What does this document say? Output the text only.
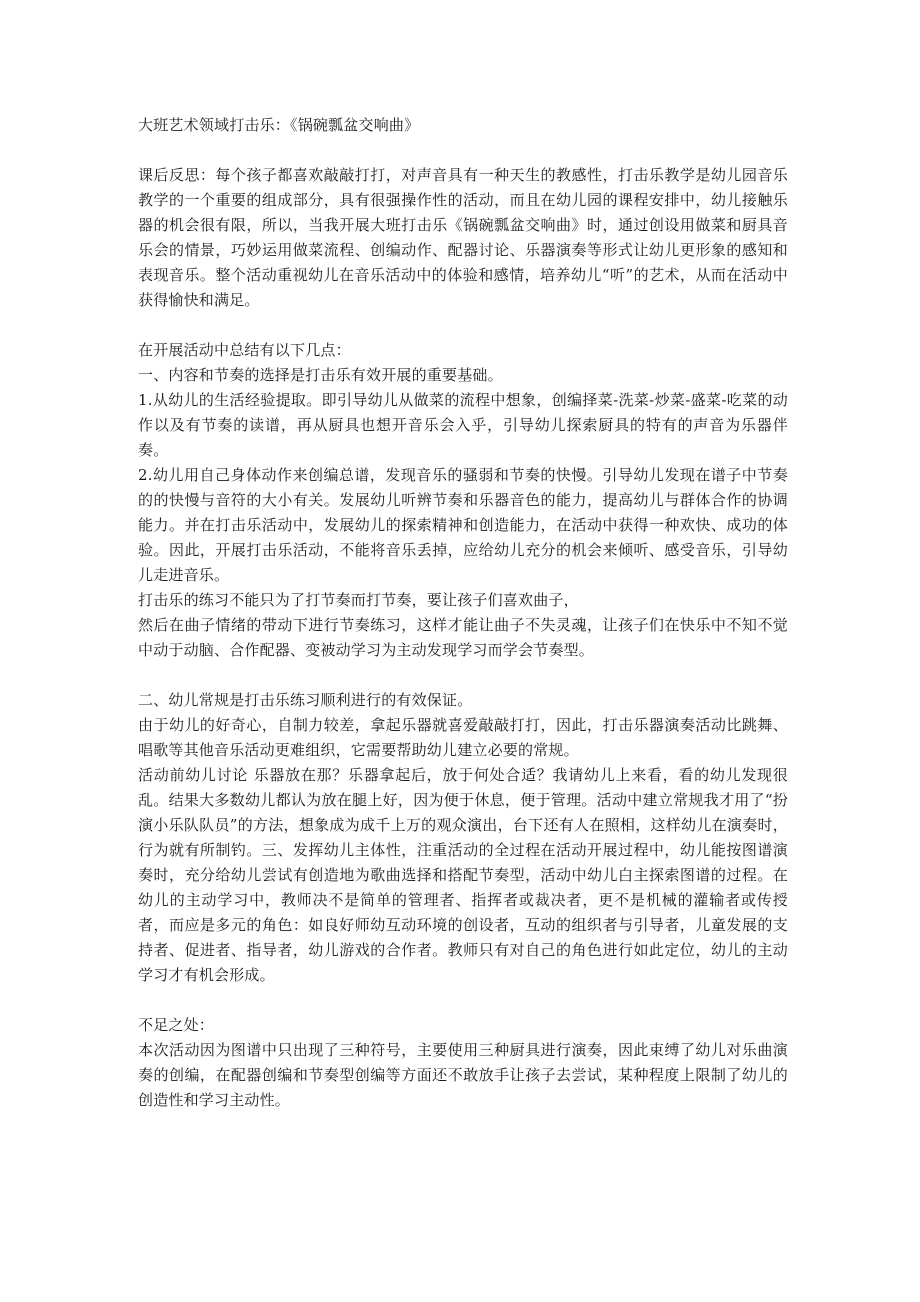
大班艺术领域打击乐：《锅碗瓢盆交响曲》
课后反思：每个孩子都喜欢敲敲打打，对声音具有一种天生的教感性，打击乐教学是幼儿园音乐教学的一个重要的组成部分，具有很强操作性的活动，而且在幼儿园的课程安排中，幼儿接触乐器的机会很有限，所以，当我开展大班打击乐《锅碗瓢盆交响曲》时，通过创设用做菜和厨具音乐会的情景，巧妙运用做菜流程、创编动作、配器讨论、乐器演奏等形式让幼儿更形象的感知和表现音乐。整个活动重视幼儿在音乐活动中的体验和感情，培养幼儿“听”的艺术，从而在活动中获得愉快和满足。
在开展活动中总结有以下几点：
一、内容和节奏的选择是打击乐有效开展的重要基础。
1.从幼儿的生活经验提取。即引导幼儿从做菜的流程中想象，创编择菜-洗菜-炒菜-盛菜-吃菜的动作以及有节奏的读谱，再从厨具也想开音乐会入乎，引导幼儿探索厨具的特有的声音为乐器伴奏。
2.幼儿用自己身体动作来创编总谱，发现音乐的骚弱和节奏的快慢。引导幼儿发现在谱子中节奏的的快慢与音符的大小有关。发展幼儿听辨节奏和乐器音色的能力，提高幼儿与群体合作的协调能力。并在打击乐活动中，发展幼儿的探索精神和创造能力，在活动中获得一种欢快、成功的体验。因此，开展打击乐活动，不能将音乐丢掉，应给幼儿充分的机会来倾听、感受音乐，引导幼儿走进音乐。
打击乐的练习不能只为了打节奏而打节奏，要让孩子们喜欢曲子，
然后在曲子情绪的带动下进行节奏练习，这样才能让曲子不失灵魂，让孩子们在快乐中不知不觉中动于动脑、合作配器、变被动学习为主动发现学习而学会节奏型。
二、幼儿常规是打击乐练习顺利进行的有效保证。
由于幼儿的好奇心，自制力较差，拿起乐器就喜爱敲敲打打，因此，打击乐器演奏活动比跳舞、唱歌等其他音乐活动更难组织，它需要帮助幼儿建立必要的常规。
活动前幼儿讨论 乐器放在那？乐器拿起后，放于何处合适？我请幼儿上来看，看的幼儿发现很乱。结果大多数幼儿都认为放在腿上好，因为便于休息，便于管理。活动中建立常规我才用了“扮演小乐队队员”的方法，想象成为成千上万的观众演出，台下还有人在照相，这样幼儿在演奏时，行为就有所制钓。三、发挥幼儿主体性，注重活动的全过程在活动开展过程中，幼儿能按图谱演奏时，充分给幼儿尝试有创造地为歌曲选择和搭配节奏型，活动中幼儿白主探索图谱的过程。在幼儿的主动学习中，教师决不是简单的管理者、指挥者或裁决者，更不是机械的灌输者或传授者，而应是多元的角色：如良好师幼互动环境的创设者，互动的组织者与引导者，儿童发展的支持者、促进者、指导者，幼儿游戏的合作者。教师只有对自己的角色进行如此定位，幼儿的主动学习才有机会形成。
不足之处：
本次活动因为图谱中只出现了三种符号，主要使用三种厨具进行演奏，因此束缚了幼儿对乐曲演奏的创编，在配器创编和节奏型创编等方面还不敢放手让孩子去尝试，某种程度上限制了幼儿的创造性和学习主动性。
